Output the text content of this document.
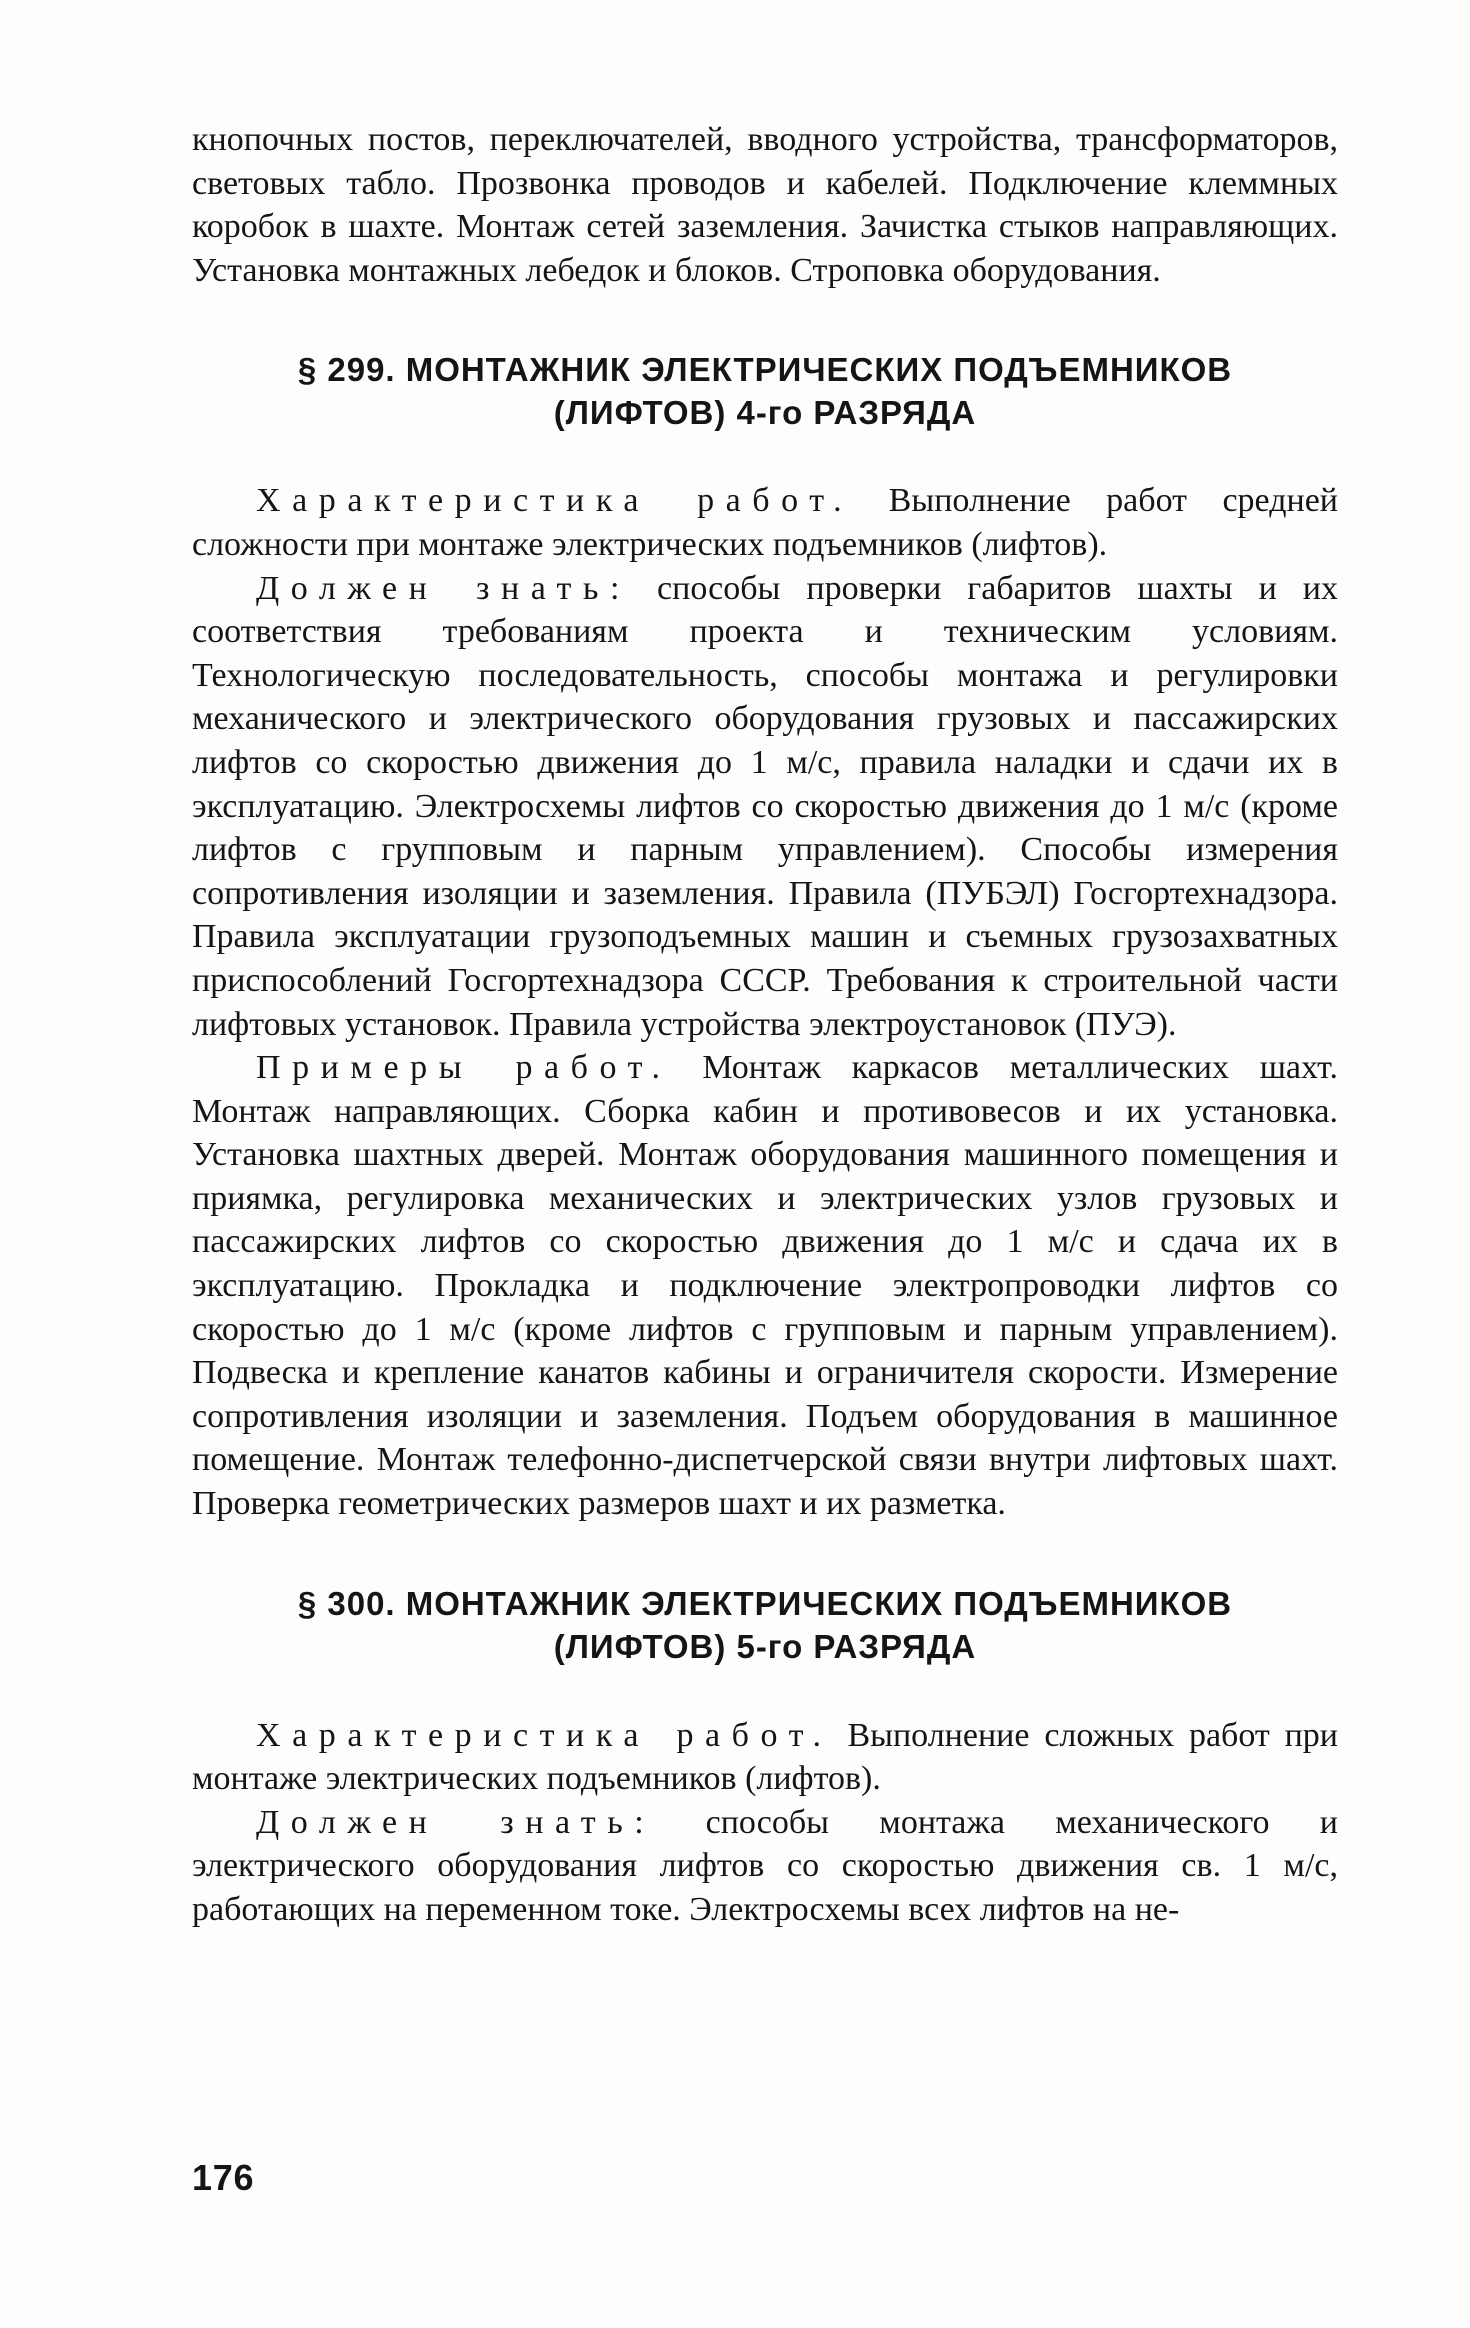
кнопочных постов, переключателей, вводного устройства, трансформаторов, световых табло. Прозвонка проводов и кабелей. Подключение клеммных коробок в шахте. Монтаж сетей заземления. Зачистка стыков направляющих. Установка монтажных лебедок и блоков. Строповка оборудования.

§ 299. МОНТАЖНИК ЭЛЕКТРИЧЕСКИХ ПОДЪЕМНИКОВ
(ЛИФТОВ) 4-го РАЗРЯДА

Характеристика работ. Выполнение работ средней сложности при монтаже электрических подъемников (лифтов).

Должен знать: способы проверки габаритов шахты и их соответствия требованиям проекта и техническим условиям. Технологическую последовательность, способы монтажа и регулировки механического и электрического оборудования грузовых и пассажирских лифтов со скоростью движения до 1 м/с, правила наладки и сдачи их в эксплуатацию. Электросхемы лифтов со скоростью движения до 1 м/с (кроме лифтов с групповым и парным управлением). Способы измерения сопротивления изоляции и заземления. Правила (ПУБЭЛ) Госгортехнадзора. Правила эксплуатации грузоподъемных машин и съемных грузозахватных приспособлений Госгортехнадзора СССР. Требования к строительной части лифтовых установок. Правила устройства электроустановок (ПУЭ).

Примеры работ. Монтаж каркасов металлических шахт. Монтаж направляющих. Сборка кабин и противовесов и их установка. Установка шахтных дверей. Монтаж оборудования машинного помещения и приямка, регулировка механических и электрических узлов грузовых и пассажирских лифтов со скоростью движения до 1 м/с и сдача их в эксплуатацию. Прокладка и подключение электропроводки лифтов со скоростью до 1 м/с (кроме лифтов с групповым и парным управлением). Подвеска и крепление канатов кабины и ограничителя скорости. Измерение сопротивления изоляции и заземления. Подъем оборудования в машинное помещение. Монтаж телефонно-диспетчерской связи внутри лифтовых шахт. Проверка геометрических размеров шахт и их разметка.

§ 300. МОНТАЖНИК ЭЛЕКТРИЧЕСКИХ ПОДЪЕМНИКОВ
(ЛИФТОВ) 5-го РАЗРЯДА

Характеристика работ. Выполнение сложных работ при монтаже электрических подъемников (лифтов).

Должен знать: способы монтажа механического и электрического оборудования лифтов со скоростью движения св. 1 м/с, работающих на переменном токе. Электросхемы всех лифтов на не-

176
